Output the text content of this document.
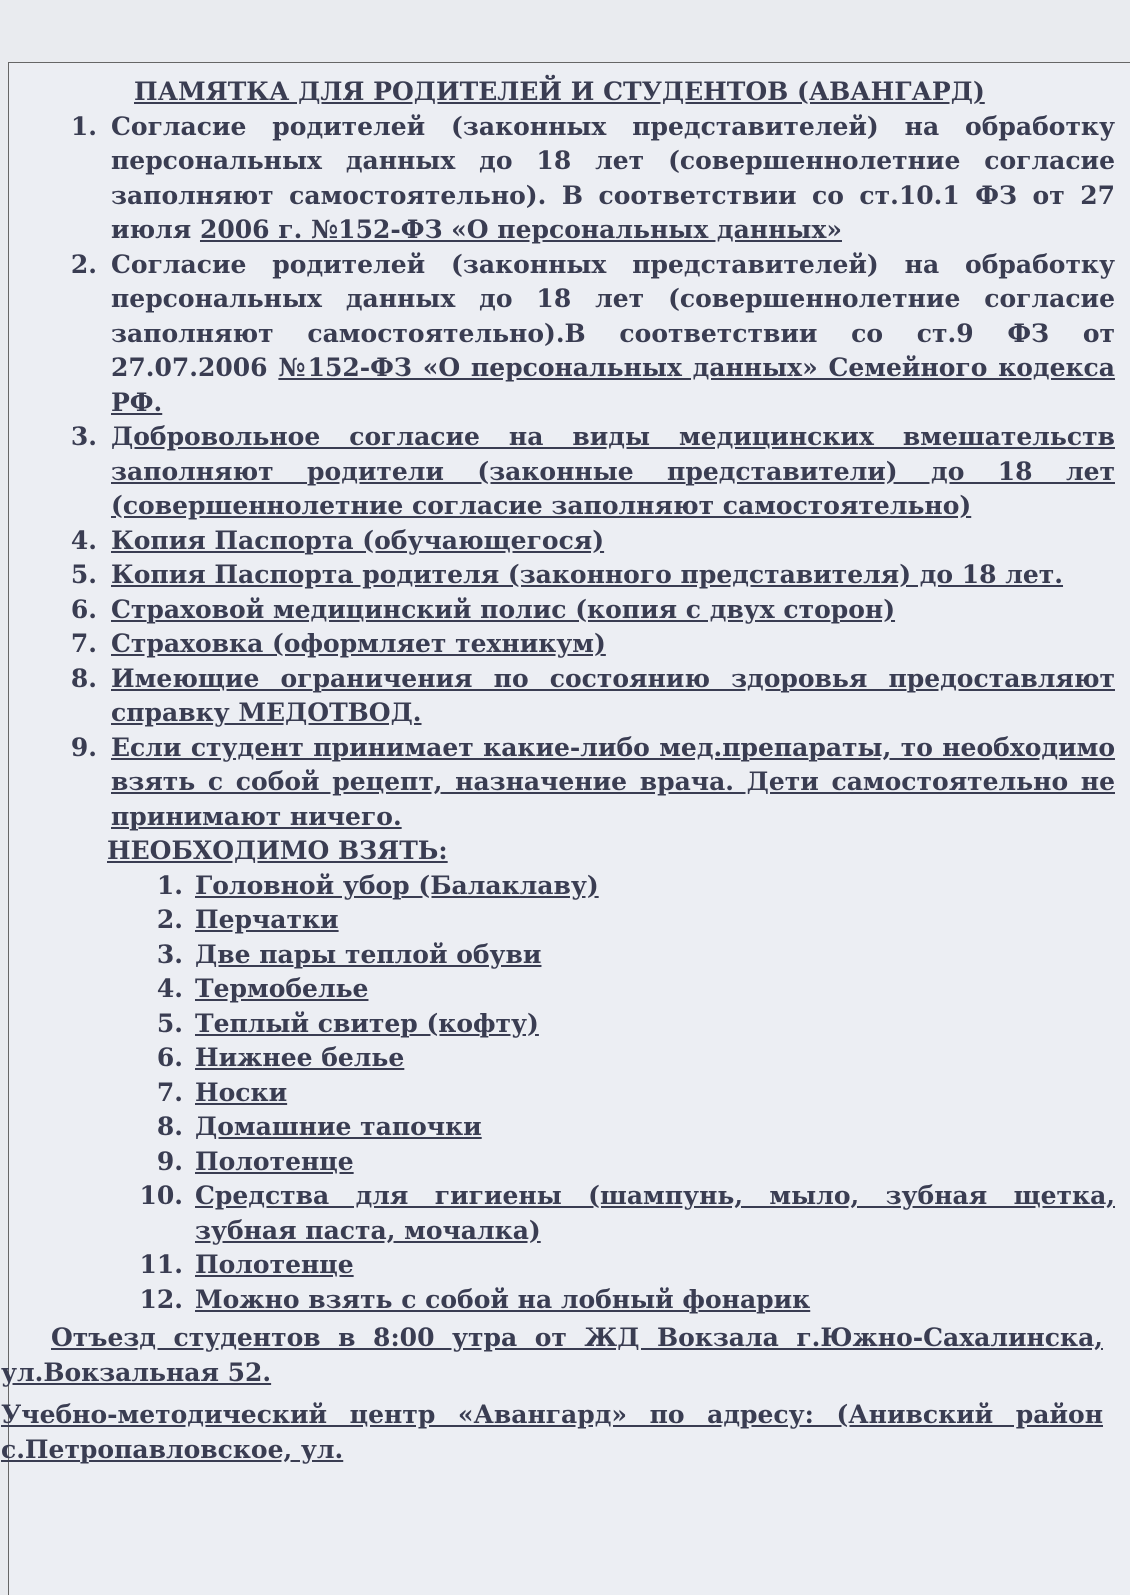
ПАМЯТКА ДЛЯ РОДИТЕЛЕЙ И СТУДЕНТОВ (АВАНГАРД)
1. Согласие родителей (законных представителей) на обработку персональных данных до 18 лет (совершеннолетние согласие заполняют самостоятельно). В соответствии со ст.10.1 ФЗ от 27 июля 2006 г. №152-ФЗ «О персональных данных»
2. Согласие родителей (законных представителей) на обработку персональных данных до 18 лет (совершеннолетние согласие заполняют самостоятельно).В соответствии со ст.9 ФЗ от 27.07.2006 №152-ФЗ «О персональных данных» Семейного кодекса РФ.
3. Добровольное согласие на виды медицинских вмешательств заполняют родители (законные представители) до 18 лет (совершеннолетние согласие заполняют самостоятельно)
4. Копия Паспорта (обучающегося)
5. Копия Паспорта родителя (законного представителя) до 18 лет.
6. Страховой медицинский полис (копия с двух сторон)
7. Страховка (оформляет техникум)
8. Имеющие ограничения по состоянию здоровья предоставляют справку МЕДОТВОД.
9. Если студент принимает какие-либо мед.препараты, то необходимо взять с собой рецепт, назначение врача. Дети самостоятельно не принимают ничего.
НЕОБХОДИМО ВЗЯТЬ:
1. Головной убор (Балаклаву)
2. Перчатки
3. Две пары теплой обуви
4. Термобелье
5. Теплый свитер (кофту)
6. Нижнее белье
7. Носки
8. Домашние тапочки
9. Полотенце
10. Средства для гигиены (шампунь, мыло, зубная щетка, зубная паста, мочалка)
11. Полотенце
12. Можно взять с собой на лобный фонарик
Отъезд студентов в 8:00 утра от ЖД Вокзала г.Южно-Сахалинска, ул.Вокзальная 52.
Учебно-методический центр «Авангард» по адресу: (Анивский район с.Петропавловское, ул.
